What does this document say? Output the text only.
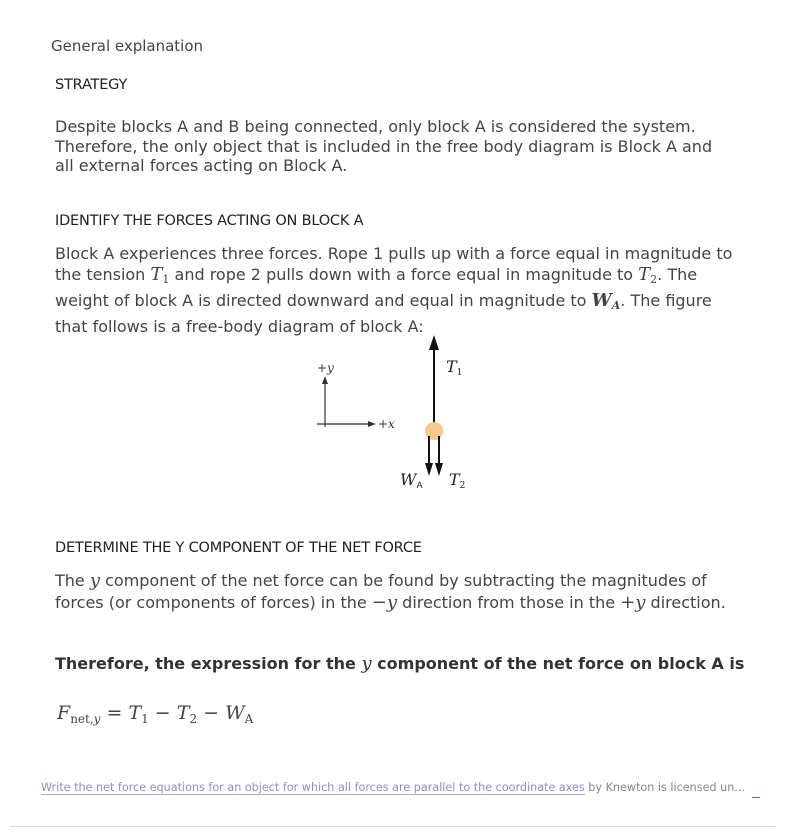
General explanation
STRATEGY
Despite blocks A and B being connected, only block A is considered the system. Therefore, the only object that is included in the free body diagram is Block A and all external forces acting on Block A.
IDENTIFY THE FORCES ACTING ON BLOCK A
Block A experiences three forces. Rope 1 pulls up with a force equal in magnitude to the tension $T_1$ and rope 2 pulls down with a force equal in magnitude to $T_2$. The weight of block A is directed downward and equal in magnitude to $W_A$. The figure that follows is a free-body diagram of block A:
+y
+x
T1
WA T2
DETERMINE THE Y COMPONENT OF THE NET FORCE
The y component of the net force can be found by subtracting the magnitudes of forces (or components of forces) in the −y direction from those in the +y direction.
Therefore, the expression for the y component of the net force on block A is
$F_{net,y} = T_1 - T_2 - W_A$
Write the net force equations for an object for which all forces are parallel to the coordinate axes by Knewton is licensed un...
